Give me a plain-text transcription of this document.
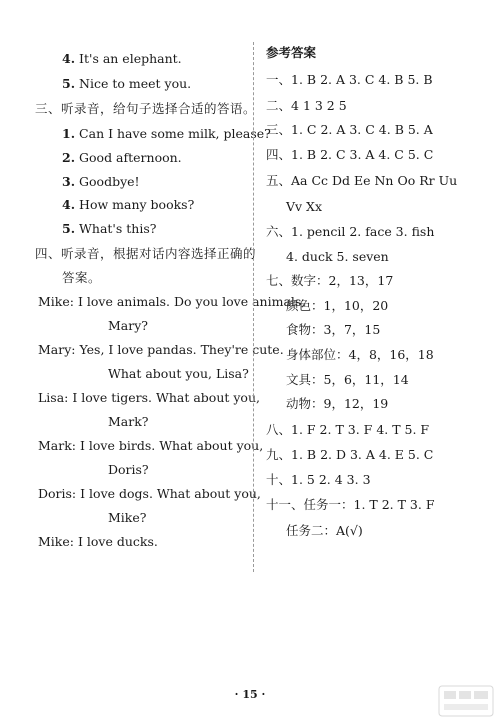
4. It's an elephant.
5. Nice to meet you.
三、听录音，给句子选择合适的答语。
1. Can I have some milk, please?
2. Good afternoon.
3. Goodbye!
4. How many books?
5. What's this?
四、听录音，根据对话内容选择正确的
答案。
Mike: I love animals. Do you love animals,
Mary?
Mary: Yes, I love pandas. They're cute.
What about you, Lisa?
Lisa: I love tigers. What about you,
Mark?
Mark: I love birds. What about you,
Doris?
Doris: I love dogs. What about you,
Mike?
Mike: I love ducks.
参考答案
一、1. B 2. A 3. C 4. B 5. B
二、4 1 3 2 5
三、1. C 2. A 3. C 4. B 5. A
四、1. B 2. C 3. A 4. C 5. C
五、Aa Cc Dd Ee Nn Oo Rr Uu
Vv Xx
六、1. pencil 2. face 3. fish
4. duck 5. seven
七、数字：2，13，17
颜色：1，10，20
食物：3，7，15
身体部位：4，8，16，18
文具：5，6，11，14
动物：9，12，19
八、1. F 2. T 3. F 4. T 5. F
九、1. B 2. D 3. A 4. E 5. C
十、1. 5 2. 4 3. 3
十一、任务一：1. T 2. T 3. F
任务二：A(√)
· 15 ·
